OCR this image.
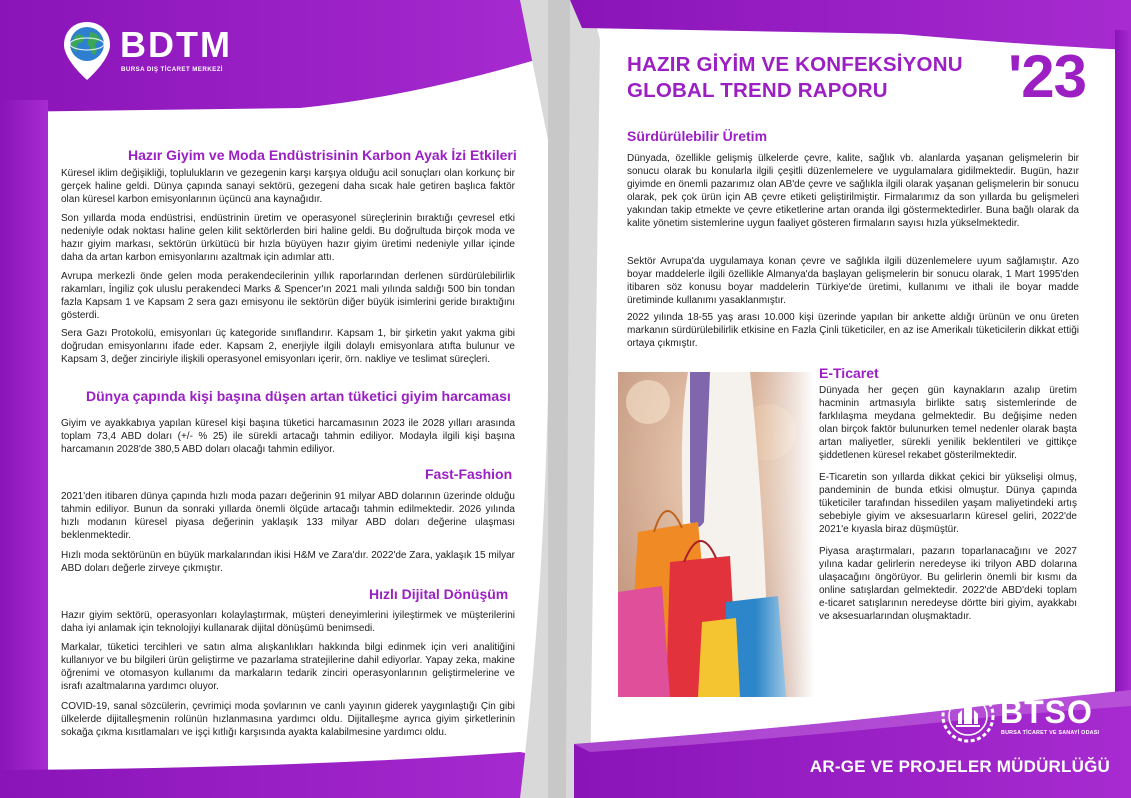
BDTM
BURSA DIŞ TİCARET MERKEZİ	HAZIR GİYİM VE KONFEKSİYONU
GLOBAL TREND RAPORU	'23
Hazır Giyim ve Moda Endüstrisinin Karbon Ayak İzi Etkileri

Küresel iklim değişikliği, toplulukların ve gezegenin karşı karşıya olduğu acil sonuçları olan korkunç bir gerçek haline geldi. Dünya çapında sanayi sektörü, gezegeni daha sıcak hale getiren başlıca faktör olan küresel karbon emisyonlarının üçüncü ana kaynağıdır.

Son yıllarda moda endüstrisi, endüstrinin üretim ve operasyonel süreçlerinin bıraktığı çevresel etki nedeniyle odak noktası haline gelen kilit sektörlerden biri haline geldi. Bu doğrultuda birçok moda ve hazır giyim markası, sektörün ürkütücü bir hızla büyüyen hazır giyim üretimi nedeniyle yıllar içinde daha da artan karbon emisyonlarını azaltmak için adımlar attı.

Avrupa merkezli önde gelen moda perakendecilerinin yıllık raporlarından derlenen sürdürülebilirlik rakamları, İngiliz çok uluslu perakendeci Marks & Spencer'ın 2021 mali yılında saldığı 500 bin tondan fazla Kapsam 1 ve Kapsam 2 sera gazı emisyonu ile sektörün diğer büyük isimlerini geride bıraktığını gösterdi.

Sera Gazı Protokolü, emisyonları üç kategoride sınıflandırır. Kapsam 1, bir şirketin yakıt yakma gibi doğrudan emisyonlarını ifade eder. Kapsam 2, enerjiyle ilgili dolaylı emisyonlara atıfta bulunur ve Kapsam 3, değer zinciriyle ilişkili operasyonel emisyonları içerir, örn. nakliye ve teslimat süreçleri.

Dünya çapında kişi başına düşen artan tüketici giyim harcaması

Giyim ve ayakkabıya yapılan küresel kişi başına tüketici harcamasının 2023 ile 2028 yılları arasında toplam 73,4 ABD doları (+/- % 25) ile sürekli artacağı tahmin ediliyor. Modayla ilgili kişi başına harcamanın 2028'de 380,5 ABD doları olacağı tahmin ediliyor.

Fast-Fashion

2021'den itibaren dünya çapında hızlı moda pazarı değerinin 91 milyar ABD dolarının üzerinde olduğu tahmin ediliyor. Bunun da sonraki yıllarda önemli ölçüde artacağı tahmin edilmektedir. 2026 yılında hızlı modanın küresel piyasa değerinin yaklaşık 133 milyar ABD doları değerine ulaşması beklenmektedir.

Hızlı moda sektörünün en büyük markalarından ikisi H&M ve Zara'dır. 2022'de Zara, yaklaşık 15 milyar ABD doları değerle zirveye çıkmıştır.

Hızlı Dijital Dönüşüm

Hazır giyim sektörü, operasyonları kolaylaştırmak, müşteri deneyimlerini iyileştirmek ve müşterilerini daha iyi anlamak için teknolojiyi kullanarak dijital dönüşümü benimsedi.

Markalar, tüketici tercihleri ve satın alma alışkanlıkları hakkında bilgi edinmek için veri analitiğini kullanıyor ve bu bilgileri ürün geliştirme ve pazarlama stratejilerine dahil ediyorlar. Yapay zeka, makine öğrenimi ve otomasyon kullanımı da markaların tedarik zinciri operasyonlarının geliştirmelerine ve israfı azaltmalarına yardımcı oluyor.

COVID-19, sanal sözcülerin, çevrimiçi moda şovlarının ve canlı yayının giderek yaygınlaştığı Çin gibi ülkelerde dijitalleşmenin rolünün hızlanmasına yardımcı oldu. Dijitalleşme ayrıca giyim şirketlerinin sokağa çıkma kısıtlamaları ve işçi kıtlığı karşısında ayakta kalabilmesine yardımcı oldu.

Sürdürülebilir Üretim

Dünyada, özellikle gelişmiş ülkelerde çevre, kalite, sağlık vb. alanlarda yaşanan gelişmelerin bir sonucu olarak bu konularla ilgili çeşitli düzenlemelere ve uygulamalara gidilmektedir. Bugün, hazır giyimde en önemli pazarımız olan AB'de çevre ve sağlıkla ilgili olarak yaşanan gelişmelerin bir sonucu olarak, pek çok ürün için AB çevre etiketi geliştirilmiştir. Firmalarımız da son yıllarda bu gelişmeleri yakından takip etmekte ve çevre etiketlerine artan oranda ilgi göstermektedirler. Buna bağlı olarak da kalite yönetim sistemlerine uygun faaliyet gösteren firmaların sayısı hızla yükselmektedir.

Sektör Avrupa'da uygulamaya konan çevre ve sağlıkla ilgili düzenlemelere uyum sağlamıştır. Azo boyar maddelerle ilgili özellikle Almanya'da başlayan gelişmelerin bir sonucu olarak, 1 Mart 1995'den itibaren söz konusu boyar maddelerin Türkiye'de üretimi, kullanımı ve ithali ile boyar madde üretiminde kullanımı yasaklanmıştır.

2022 yılında 18-55 yaş arası 10.000 kişi üzerinde yapılan bir ankette aldığı ürünün ve onu üreten markanın sürdürülebilirlik etkisine en Fazla Çinli tüketiciler, en az ise Amerikalı tüketicilerin dikkat ettiği ortaya çıkmıştır.

E-Ticaret

Dünyada her geçen gün kaynakların azalıp üretim hacminin artmasıyla birlikte satış sistemlerinde de farklılaşma meydana gelmektedir. Bu değişime neden olan birçok faktör bulunurken temel nedenler olarak başta artan maliyetler, sürekli yenilik beklentileri ve gittikçe şiddetlenen küresel rekabet gösterilmektedir.

E-Ticaretin son yıllarda dikkat çekici bir yükselişi olmuş, pandeminin de bunda etkisi olmuştur. Dünya çapında tüketiciler tarafından hissedilen yaşam maliyetindeki artış sebebiyle giyim ve aksesuarların küresel geliri, 2022'de 2021'e kıyasla biraz düşmüştür.

Piyasa araştırmaları, pazarın toparlanacağını ve 2027 yılına kadar gelirlerin neredeyse iki trilyon ABD dolarına ulaşacağını öngörüyor. Bu gelirlerin önemli bir kısmı da online satışlardan gelmektedir. 2022'de ABD'deki toplam e-ticaret satışlarının neredeyse dörtte biri giyim, ayakkabı ve aksesuarlarından oluşmaktadır.

BTSO
BURSA TİCARET VE SANAYİ ODASI
AR-GE VE PROJELER MÜDÜRLÜĞÜ
